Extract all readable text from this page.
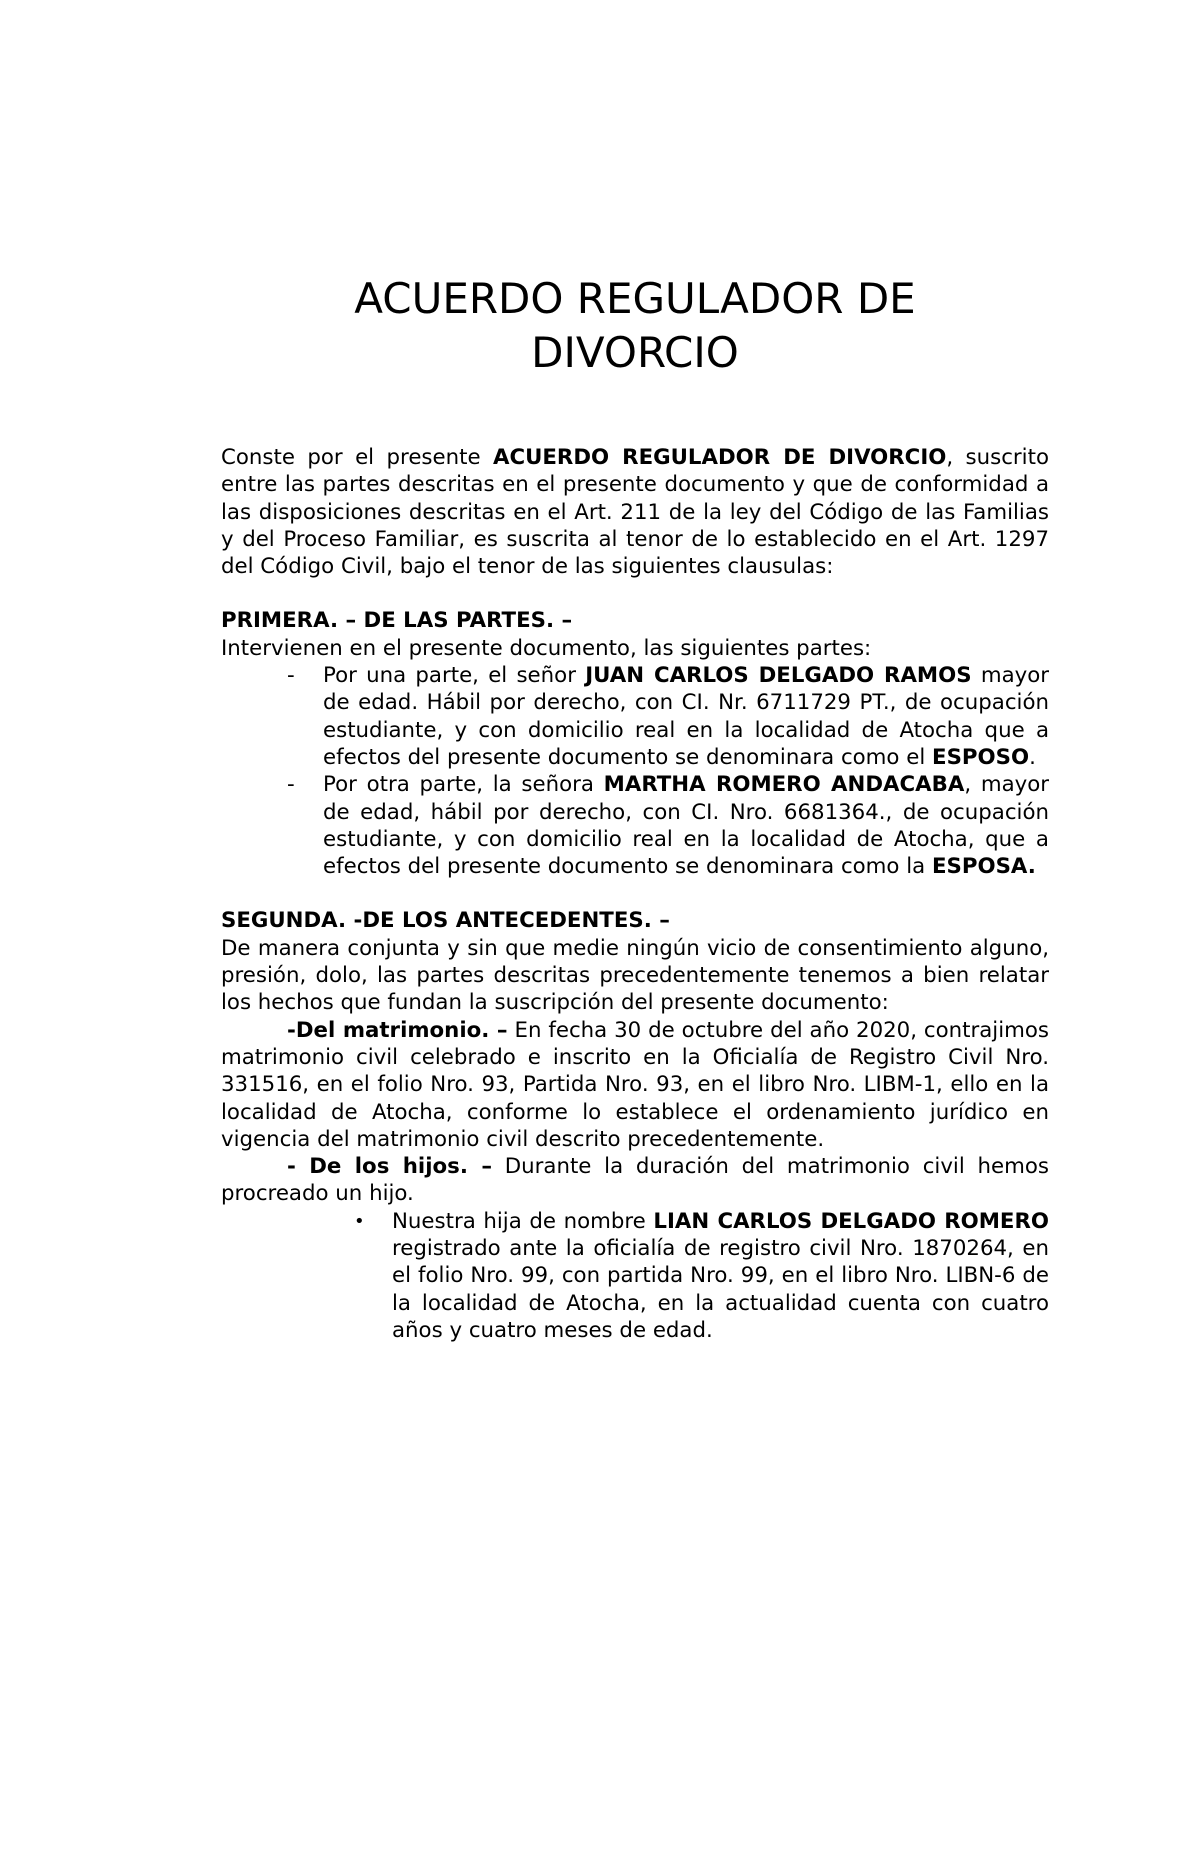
ACUERDO REGULADOR DE
DIVORCIO

Conste por el presente ACUERDO REGULADOR DE DIVORCIO, suscrito entre las partes descritas en el presente documento y que de conformidad a las disposiciones descritas en el Art. 211 de la ley del Código de las Familias y del Proceso Familiar, es suscrita al tenor de lo establecido en el Art. 1297 del Código Civil, bajo el tenor de las siguientes clausulas:

PRIMERA. – DE LAS PARTES. –

Intervienen en el presente documento, las siguientes partes:

- Por una parte, el señor JUAN CARLOS DELGADO RAMOS mayor de edad. Hábil por derecho, con CI. Nr. 6711729 PT., de ocupación estudiante, y con domicilio real en la localidad de Atocha que a efectos del presente documento se denominara como el ESPOSO.
- Por otra parte, la señora MARTHA ROMERO ANDACABA, mayor de edad, hábil por derecho, con CI. Nro. 6681364., de ocupación estudiante, y con domicilio real en la localidad de Atocha, que a efectos del presente documento se denominara como la ESPOSA.

SEGUNDA. -DE LOS ANTECEDENTES. –

De manera conjunta y sin que medie ningún vicio de consentimiento alguno, presión, dolo, las partes descritas precedentemente tenemos a bien relatar los hechos que fundan la suscripción del presente documento:

-Del matrimonio. – En fecha 30 de octubre del año 2020, contrajimos matrimonio civil celebrado e inscrito en la Oficialía de Registro Civil Nro. 331516, en el folio Nro. 93, Partida Nro. 93, en el libro Nro. LIBM-1, ello en la localidad de Atocha, conforme lo establece el ordenamiento jurídico en vigencia del matrimonio civil descrito precedentemente.

- De los hijos. – Durante la duración del matrimonio civil hemos procreado un hijo.

• Nuestra hija de nombre LIAN CARLOS DELGADO ROMERO registrado ante la oficialía de registro civil Nro. 1870264, en el folio Nro. 99, con partida Nro. 99, en el libro Nro. LIBN-6 de la localidad de Atocha, en la actualidad cuenta con cuatro años y cuatro meses de edad.
